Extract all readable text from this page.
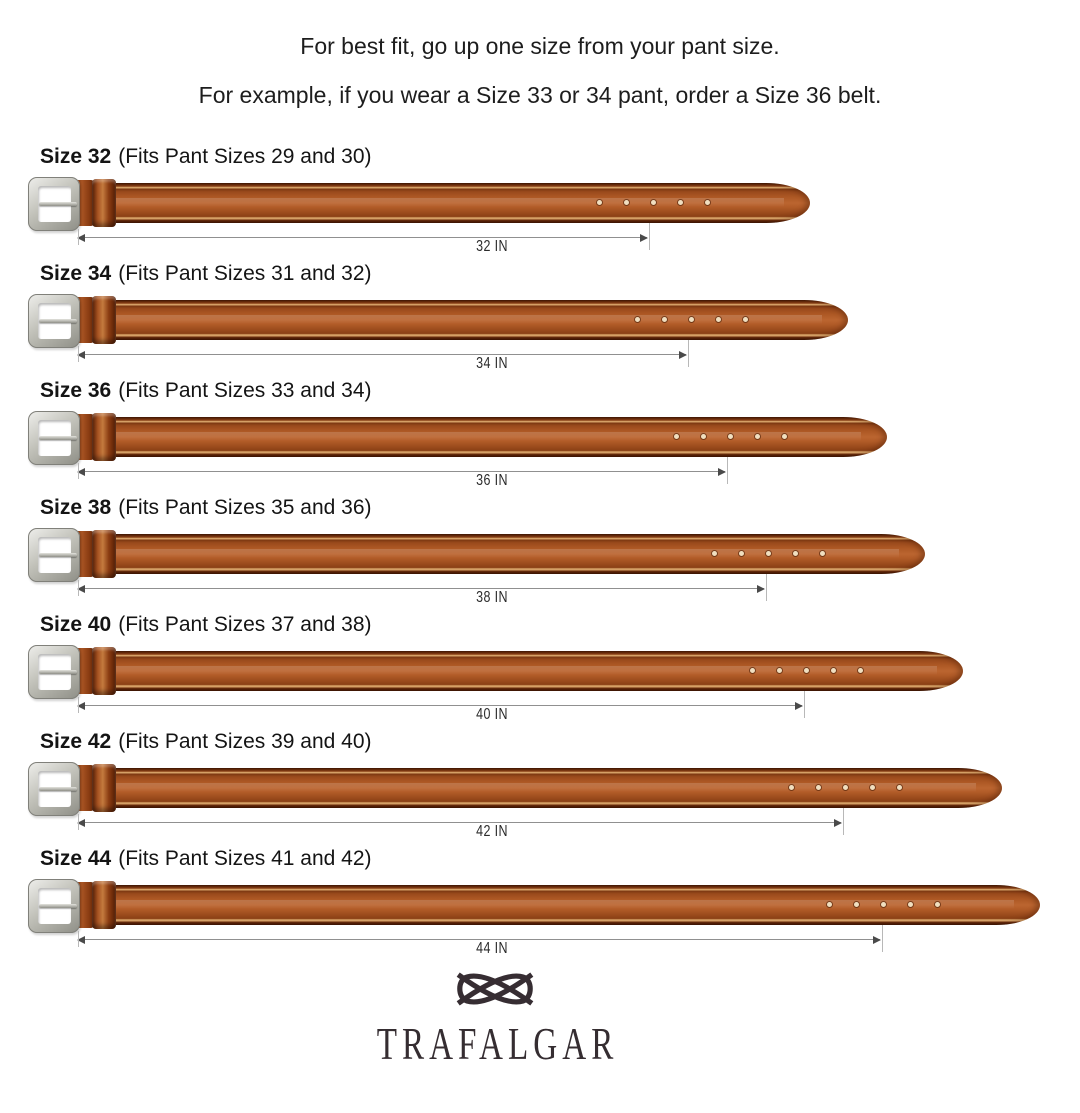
For best fit, go up one size from your pant size.

For example, if you wear a Size 33 or 34 pant, order a Size 36 belt.

Size 32 (Fits Pant Sizes 29 and 30)
32 IN
Size 34 (Fits Pant Sizes 31 and 32)
34 IN
Size 36 (Fits Pant Sizes 33 and 34)
36 IN
Size 38 (Fits Pant Sizes 35 and 36)
38 IN
Size 40 (Fits Pant Sizes 37 and 38)
40 IN
Size 42 (Fits Pant Sizes 39 and 40)
42 IN
Size 44 (Fits Pant Sizes 41 and 42)
44 IN
TRAFALGAR
